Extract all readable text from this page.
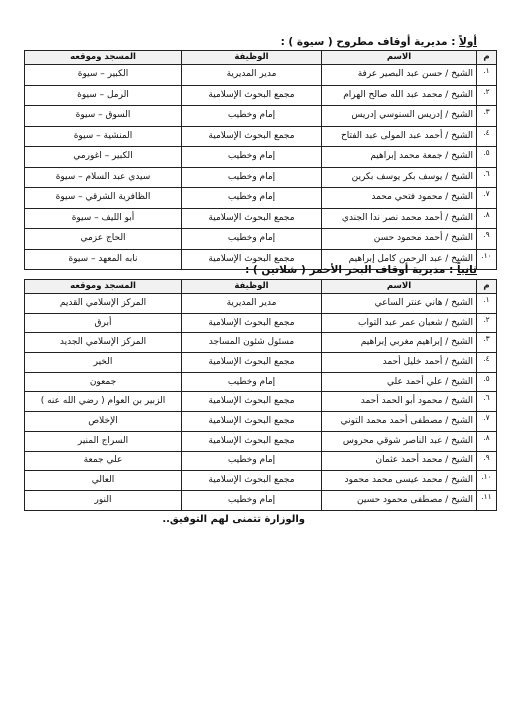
أولاً : مديرية أوقاف مطروح ( سيوة ) :
م	الاسم	الوظيفة	المسجد وموقعه
١.	الشيخ / حسن عبد البصير عرفة	مدير المديرية	الكبير – سيوة
٢.	الشيخ / محمد عبد الله صالح الهرام	مجمع البحوث الإسلامية	الرمل – سيوة
٣.	الشيخ / إدريس السنوسي إدريس	إمام وخطيب	السوق – سيوة
٤.	الشيخ / أحمد عبد المولى عبد الفتاح	مجمع البحوث الإسلامية	المنشية – سيوة
٥.	الشيخ / جمعة محمد إبراهيم	إمام وخطيب	الكبير – اغورمي
٦.	الشيخ / يوسف بكر يوسف بكرين	إمام وخطيب	سيدي عبد السلام – سيوة
٧.	الشيخ / محمود فتحي محمد	إمام وخطيب	الظافرية الشرقي – سيوة
٨.	الشيخ / أحمد محمد نصر ندا الجندي	مجمع البحوث الإسلامية	أبو الليف – سيوة
٩.	الشيخ / أحمد محمود حسن	إمام وخطيب	الحاج عزمي
١٠.	الشيخ / عبد الرحمن كامل إبراهيم	مجمع البحوث الإسلامية	نابه المعهد – سيوة
ثانياً : مديرية أوقاف البحر الأحمر ( شلاتين ) :
م	الاسم	الوظيفة	المسجد وموقعه
١.	الشيخ / هاني عنتر الساعي	مدير المديرية	المركز الإسلامي القديم
٢.	الشيخ / شعبان عمر عبد التواب	مجمع البحوث الإسلامية	أبرق
٣.	الشيخ / إبراهيم مغربي إبراهيم	مسئول شئون المساجد	المركز الإسلامي الجديد
٤.	الشيخ / أحمد خليل أحمد	مجمع البحوث الإسلامية	الخير
٥.	الشيخ / علي أحمد علي	إمام وخطيب	جمعون
٦.	الشيخ / محمود أبو الحمد أحمد	مجمع البحوث الإسلامية	الزبير بن العوام ( رضي الله عنه )
٧.	الشيخ / مصطفى أحمد محمد التوني	مجمع البحوث الإسلامية	الإخلاص
٨.	الشيخ / عبد الناصر شوقي محروس	مجمع البحوث الإسلامية	السراج المنير
٩.	الشيخ / محمد أحمد عثمان	إمام وخطيب	علي جمعة
١٠.	الشيخ / محمد عيسى محمد محمود	مجمع البحوث الإسلامية	العالي
١١.	الشيخ / مصطفى محمود حسين	إمام وخطيب	النور
والوزارة تتمنى لهم التوفيق..
